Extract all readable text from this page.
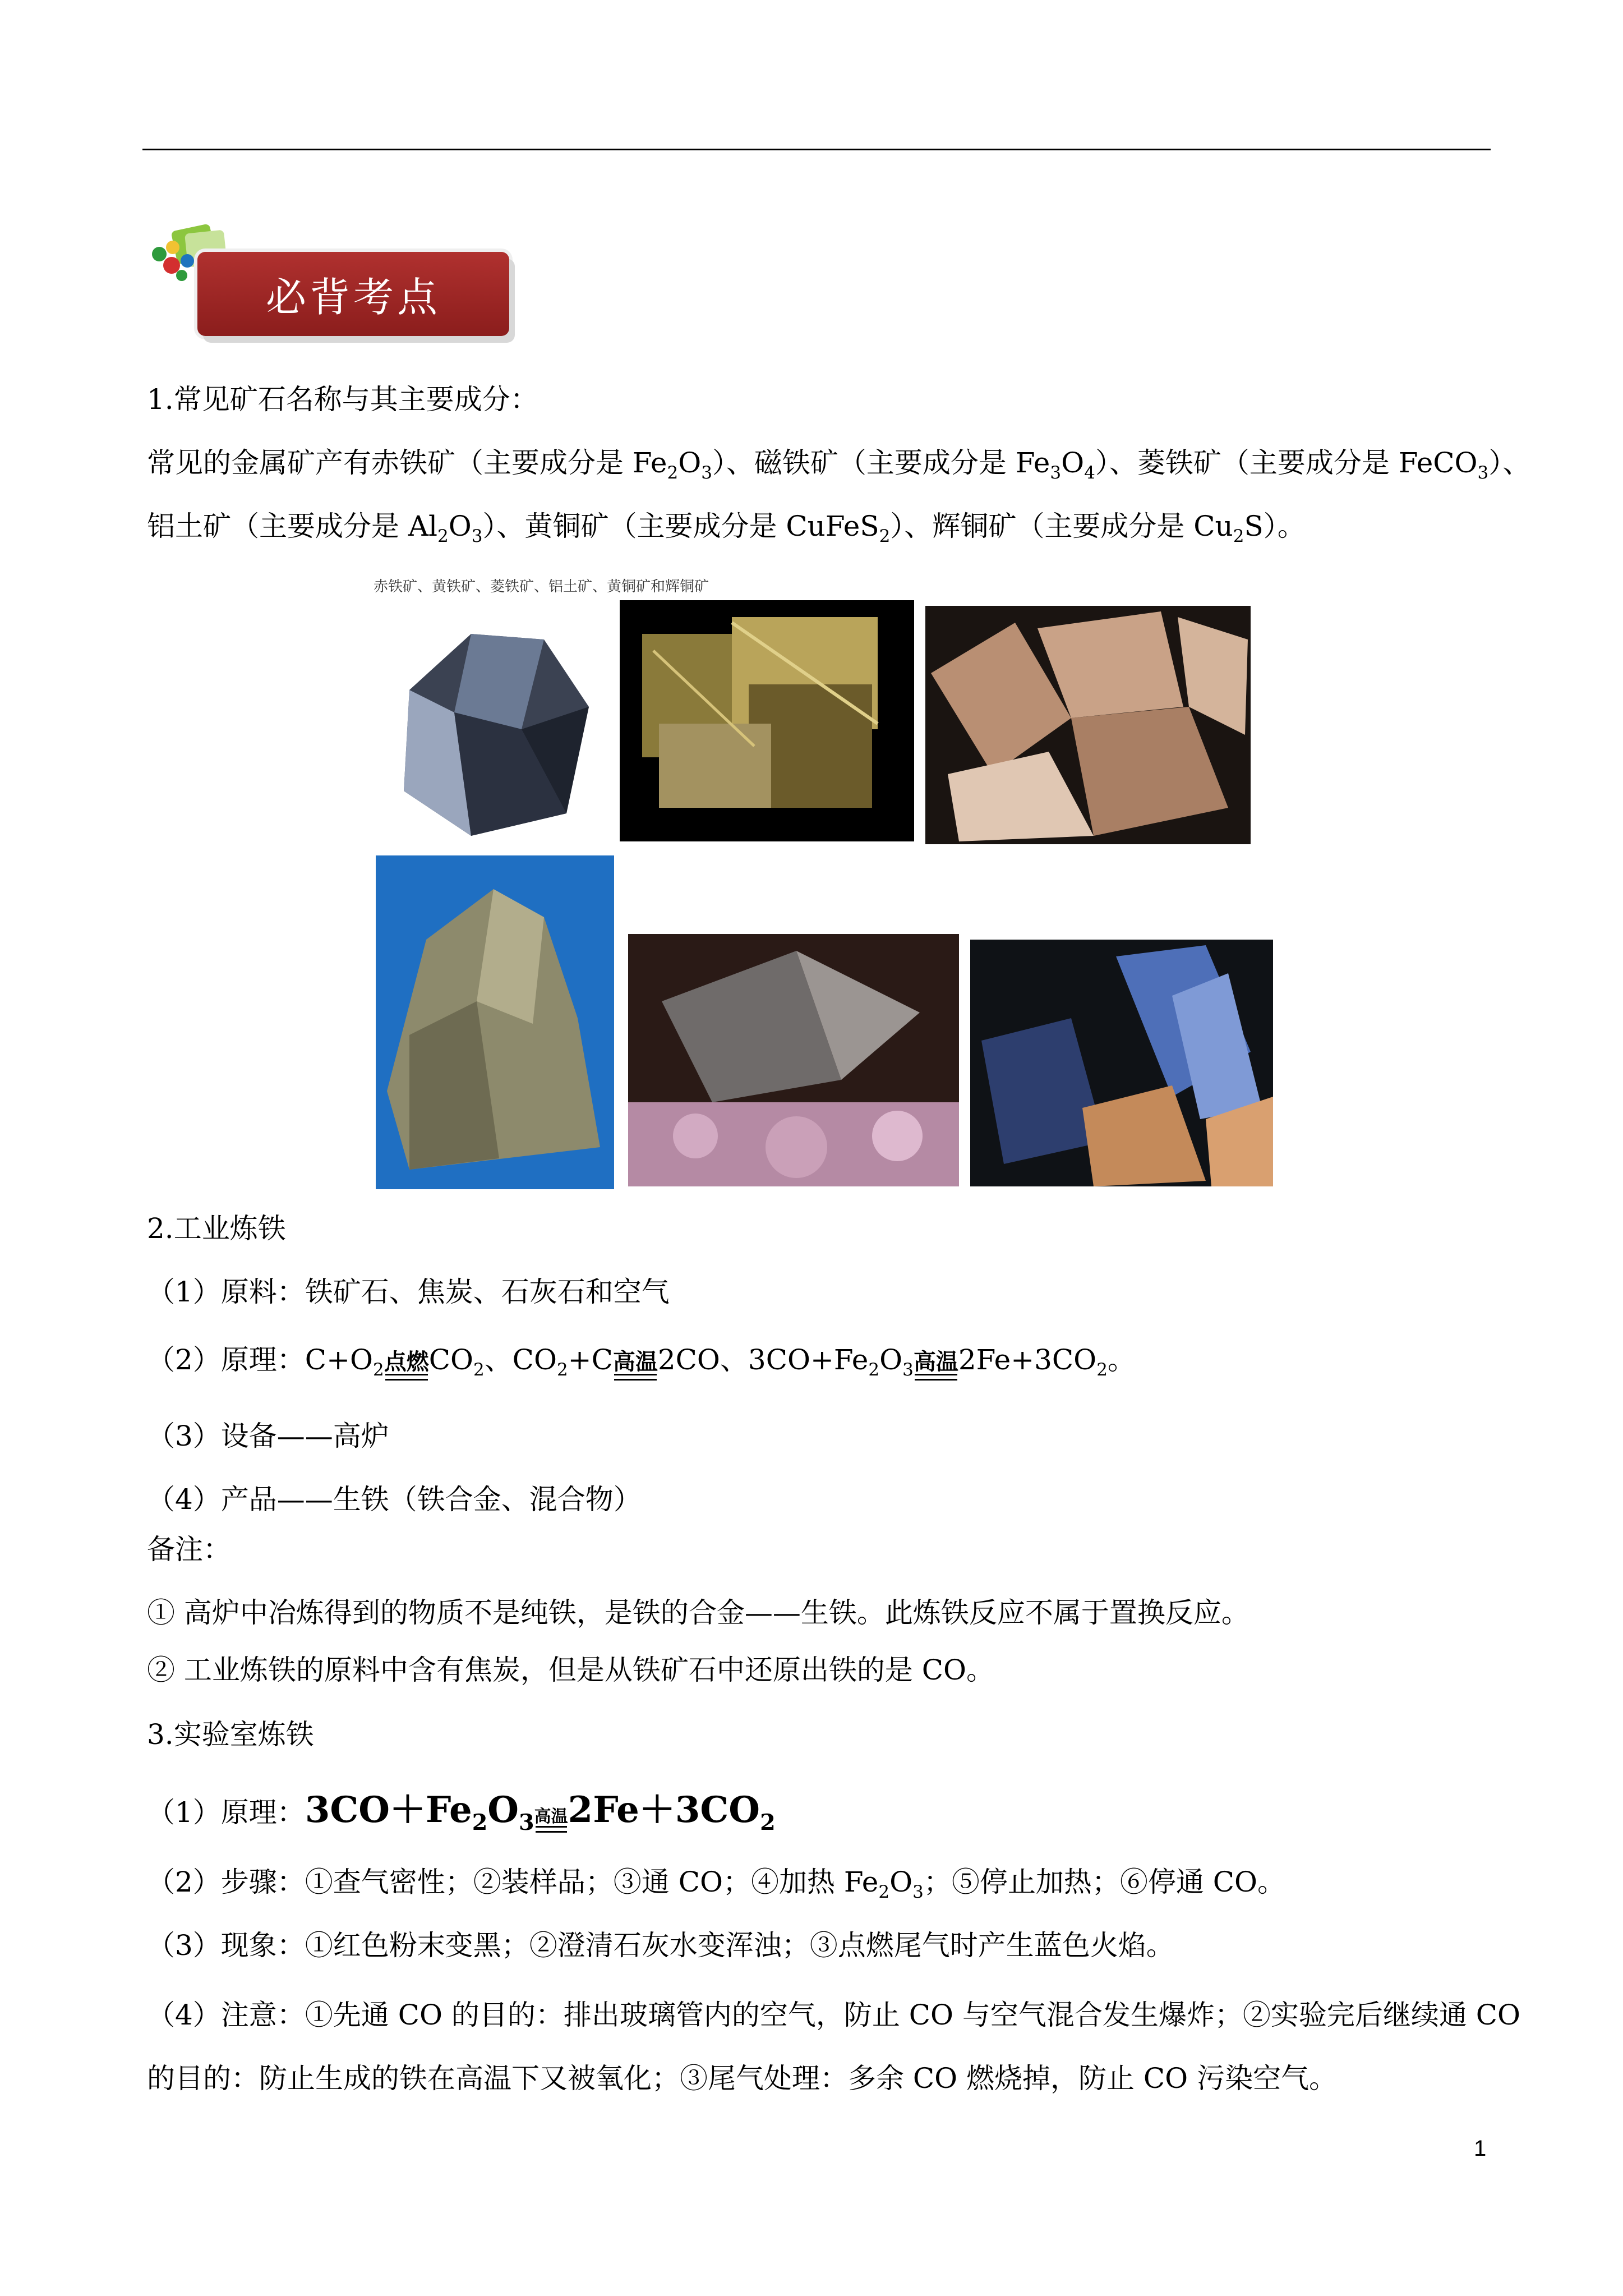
必背考点
1.常见矿石名称与其主要成分：
常见的金属矿产有赤铁矿（主要成分是 $Fe_2O_3$）、磁铁矿（主要成分是 $Fe_3O_4$）、菱铁矿（主要成分是 FeCO$_3$）、
铝土矿（主要成分是 $Al_2O_3$）、黄铜矿（主要成分是 CuFeS$_2$）、辉铜矿（主要成分是 $Cu_2S$）。
赤铁矿、黄铁矿、菱铁矿、铝土矿、黄铜矿和辉铜矿
2.工业炼铁
（1）原料：铁矿石、焦炭、石灰石和空气
（2）原理：$C+O_2$ 点燃 $CO_2$、$CO_2+C$ 高温 2CO、$3CO+Fe_2O_3$ 高温 $2Fe+3CO_2$。
（3）设备——高炉
（4）产品——生铁（铁合金、混合物）
备注：
① 高炉中冶炼得到的物质不是纯铁，是铁的合金——生铁。此炼铁反应不属于置换反应。
② 工业炼铁的原料中含有焦炭，但是从铁矿石中还原出铁的是 CO。
3.实验室炼铁
（1）原理：$3CO+Fe_2O_3$ 高温 $2Fe+3CO_2$
（2）步骤：①查气密性；②装样品；③通 CO；④加热 $Fe_2O_3$；⑤停止加热；⑥停通 CO。
（3）现象：①红色粉末变黑；②澄清石灰水变浑浊；③点燃尾气时产生蓝色火焰。
（4）注意：①先通 CO 的目的：排出玻璃管内的空气，防止 CO 与空气混合发生爆炸；②实验完后继续通 CO
的目的：防止生成的铁在高温下又被氧化；③尾气处理：多余 CO 燃烧掉，防止 CO 污染空气。
1
